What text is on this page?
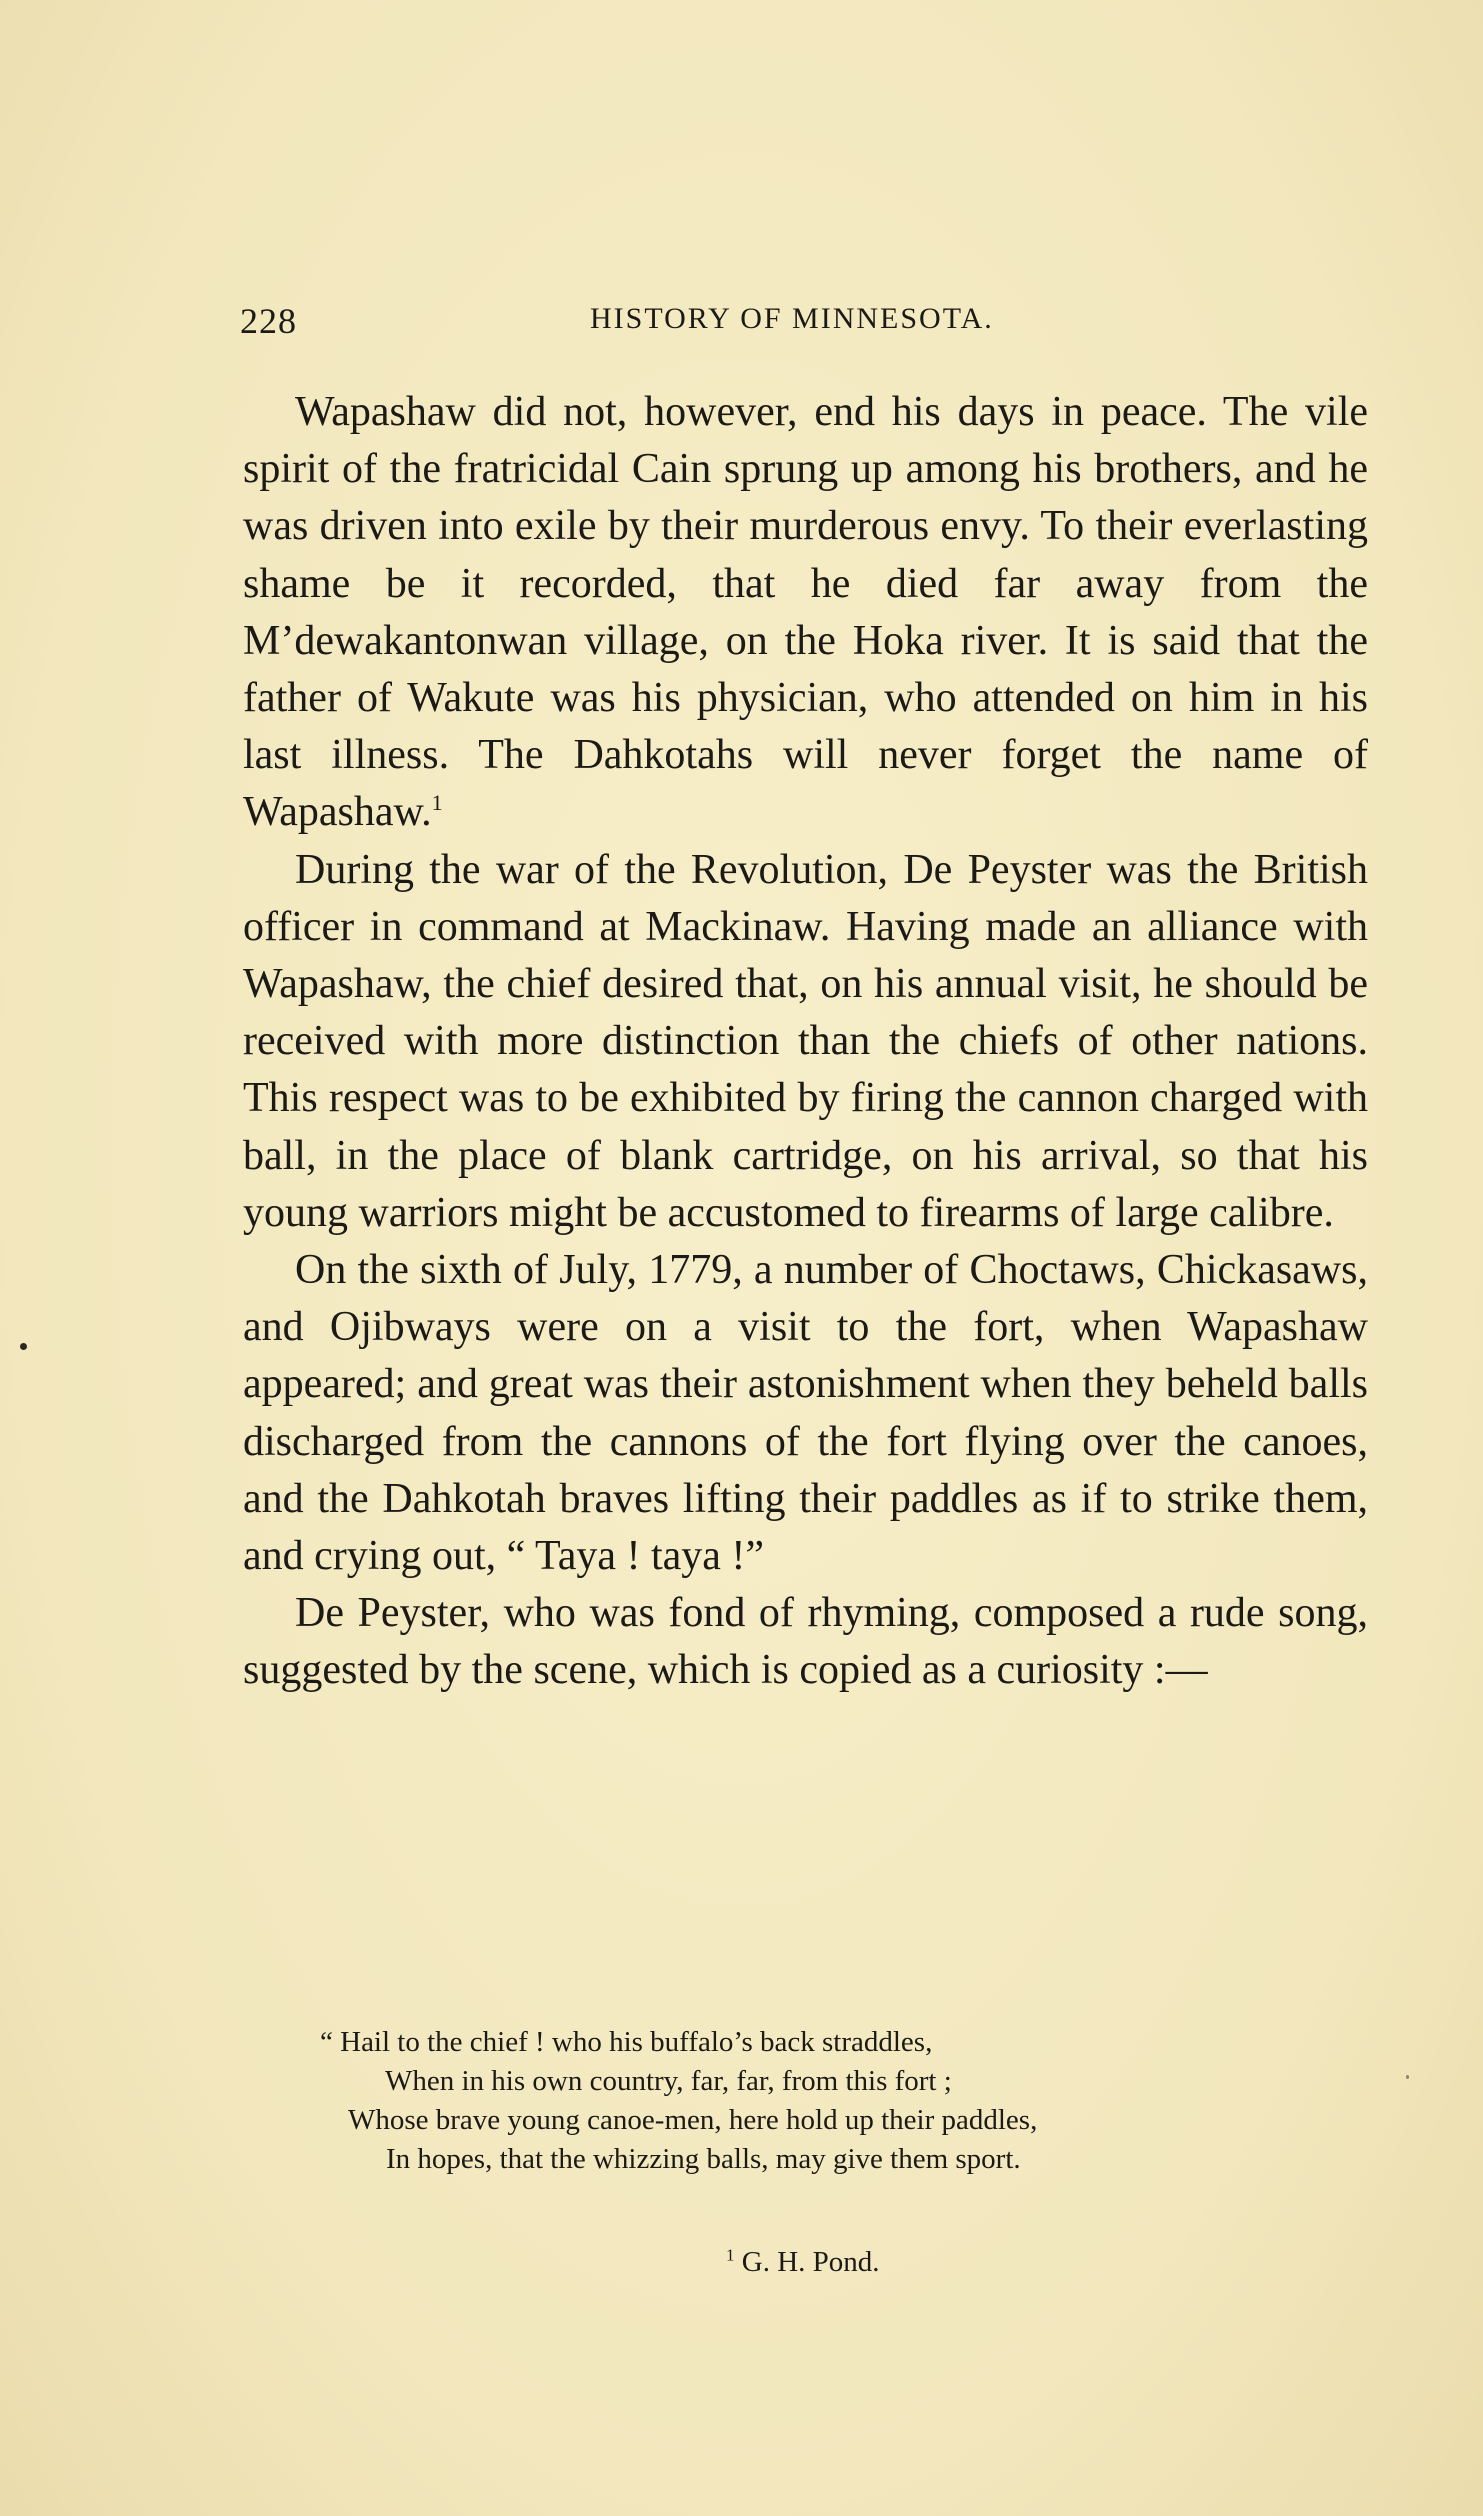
228	HISTORY OF MINNESOTA.

Wapashaw did not, however, end his days in peace. The vile spirit of the fratricidal Cain sprung up among his brothers, and he was driven into exile by their murderous envy. To their everlasting shame be it recorded, that he died far away from the M’dewakantonwan village, on the Hoka river. It is said that the father of Wakute was his physician, who attended on him in his last illness. The Dahkotahs will never forget the name of Wapashaw.$^1$

During the war of the Revolution, De Peyster was the British officer in command at Mackinaw. Having made an alliance with Wapashaw, the chief desired that, on his annual visit, he should be received with more distinction than the chiefs of other nations. This respect was to be exhibited by firing the cannon charged with ball, in the place of blank cartridge, on his arrival, so that his young warriors might be accustomed to firearms of large calibre.

On the sixth of July, 1779, a number of Choctaws, Chickasaws, and Ojibways were on a visit to the fort, when Wapashaw appeared; and great was their astonishment when they beheld balls discharged from the cannons of the fort flying over the canoes, and the Dahkotah braves lifting their paddles as if to strike them, and crying out, “ Taya ! taya !”

De Peyster, who was fond of rhyming, composed a rude song, suggested by the scene, which is copied as a curiosity :—

“ Hail to the chief ! who his buffalo’s back straddles,
When in his own country, far, far, from this fort ;
Whose brave young canoe-men, here hold up their paddles,
In hopes, that the whizzing balls, may give them sport.
$^1$ G. H. Pond.
